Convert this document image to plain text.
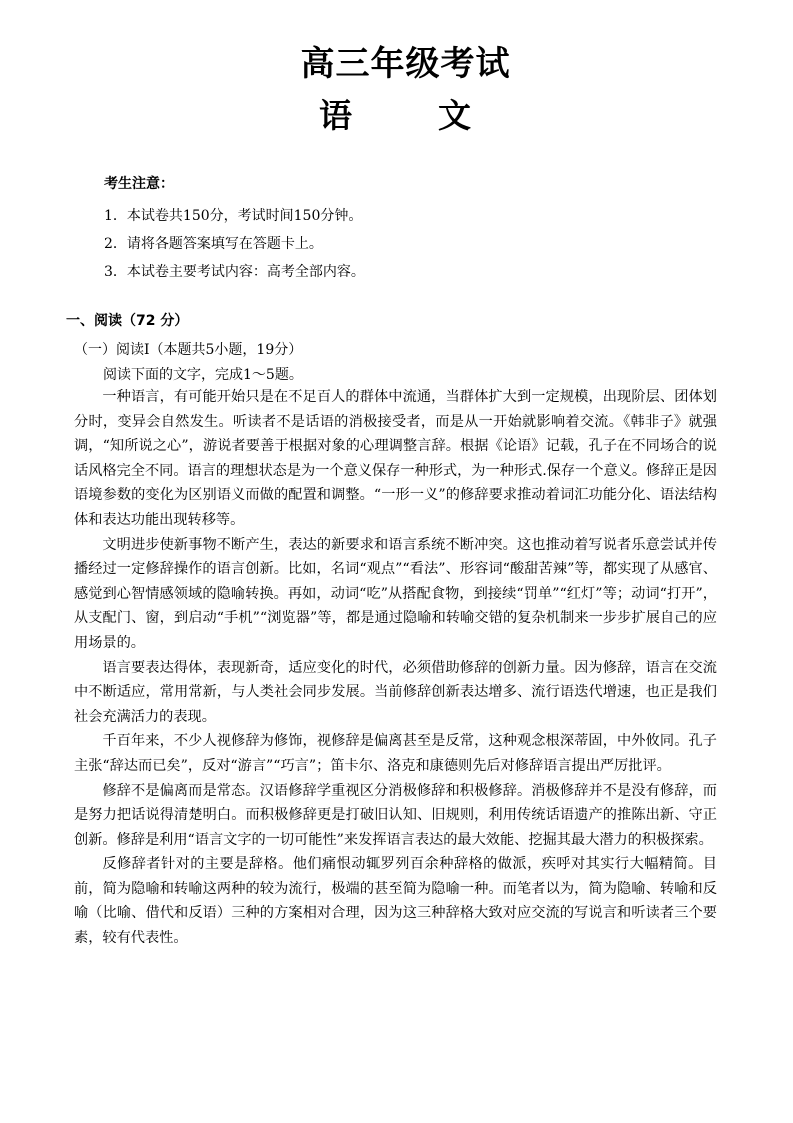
高三年级考试
语	文
考生注意：
1．本试卷共150分，考试时间150分钟。
2．请将各题答案填写在答题卡上。
3．本试卷主要考试内容：高考全部内容。
一、阅读（72 分）
（一）阅读Ⅰ（本题共5小题，19分）
阅读下面的文字，完成1～5题。

一种语言，有可能开始只是在不足百人的群体中流通，当群体扩大到一定规模，出现阶层、团体划分时，变异会自然发生。听读者不是话语的消极接受者，而是从一开始就影响着交流。《韩非子》就强调，“知所说之心”，游说者要善于根据对象的心理调整言辞。根据《论语》记载，孔子在不同场合的说话风格完全不同。语言的理想状态是为一个意义保存一种形式，为一种形式.保存一个意义。修辞正是因语境参数的变化为区别语义而做的配置和调整。“一形一义”的修辞要求推动着词汇功能分化、语法结构体和表达功能出现转移等。

文明进步使新事物不断产生，表达的新要求和语言系统不断冲突。这也推动着写说者乐意尝试并传播经过一定修辞操作的语言创新。比如，名词“观点”“看法”、形容词“酸甜苦辣”等，都实现了从感官、感觉到心智情感领域的隐喻转换。再如，动词“吃”从搭配食物，到接续“罚单”“红灯”等；动词“打开”，从支配门、窗，到启动“手机”“浏览器”等，都是通过隐喻和转喻交错的复杂机制来一步步扩展自己的应用场景的。

语言要表达得体，表现新奇，适应变化的时代，必须借助修辞的创新力量。因为修辞，语言在交流中不断适应，常用常新，与人类社会同步发展。当前修辞创新表达增多、流行语迭代增速，也正是我们社会充满活力的表现。

千百年来，不少人视修辞为修饰，视修辞是偏离甚至是反常，这种观念根深蒂固，中外攸同。孔子主张“辞达而已矣”，反对“游言”“巧言”；笛卡尔、洛克和康德则先后对修辞语言提出严厉批评。

修辞不是偏离而是常态。汉语修辞学重视区分消极修辞和积极修辞。消极修辞并不是没有修辞，而是努力把话说得清楚明白。而积极修辞更是打破旧认知、旧规则，利用传统话语遗产的推陈出新、守正创新。修辞是利用“语言文字的一切可能性”来发挥语言表达的最大效能、挖掘其最大潜力的积极探索。

反修辞者针对的主要是辞格。他们痛恨动辄罗列百余种辞格的做派，疾呼对其实行大幅精简。目前，简为隐喻和转喻这两种的较为流行，极端的甚至简为隐喻一种。而笔者以为，简为隐喻、转喻和反喻（比喻、借代和反语）三种的方案相对合理，因为这三种辞格大致对应交流的写说言和听读者三个要素，较有代表性。
